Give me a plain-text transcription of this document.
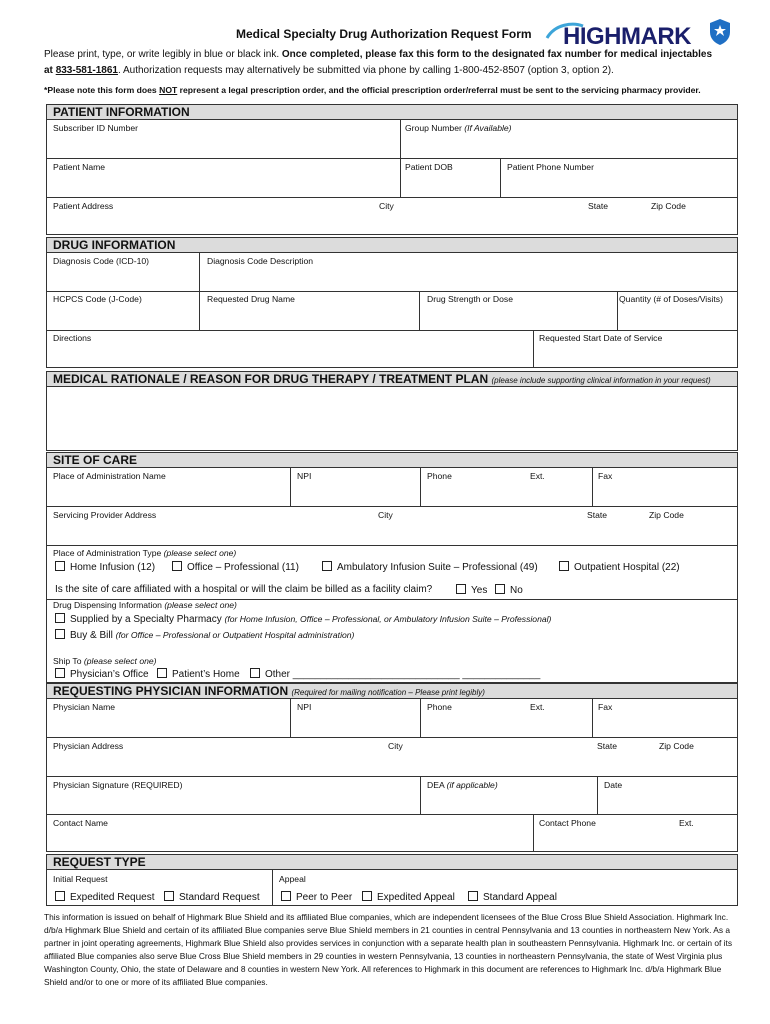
Medical Specialty Drug Authorization Request Form HIGHMARK
Please print, type, or write legibly in blue or black ink. Once completed, please fax this form to the designated fax number for medical injectables
at 833-581-1861. Authorization requests may alternatively be submitted via phone by calling 1-800-452-8507 (option 3, option 2).
*Please note this form does NOT represent a legal prescription order, and the official prescription order/referral must be sent to the servicing pharmacy provider.
PATIENT INFORMATION
Subscriber ID Number	Group Number (If Available)
Patient Name	Patient DOB	Patient Phone Number
Patient Address	City	State	Zip Code
DRUG INFORMATION
Diagnosis Code (ICD-10)	Diagnosis Code Description
HCPCS Code (J-Code)	Requested Drug Name	Drug Strength or Dose	Quantity (# of Doses/Visits)
Directions	Requested Start Date of Service
MEDICAL RATIONALE / REASON FOR DRUG THERAPY / TREATMENT PLAN (please include supporting clinical information in your request)
SITE OF CARE
Place of Administration Name	NPI	Phone	Ext.	Fax
Servicing Provider Address	City	State	Zip Code
Place of Administration Type (please select one)
Home Infusion (12)	Office – Professional (11)	Ambulatory Infusion Suite – Professional (49)	Outpatient Hospital (22)
Is the site of care affiliated with a hospital or will the claim be billed as a facility claim?	Yes	No
Drug Dispensing Information (please select one)
Supplied by a Specialty Pharmacy (for Home Infusion, Office – Professional, or Ambulatory Infusion Suite – Professional)
Buy & Bill (for Office – Professional or Outpatient Hospital administration)
Ship To (please select one)
Physician’s Office	Patient’s Home	Other ______________________________ ______________
REQUESTING PHYSICIAN INFORMATION (Required for mailing notification – Please print legibly)
Physician Name	NPI	Phone	Ext.	Fax
Physician Address	City	State	Zip Code
Physician Signature (REQUIRED)	DEA (if applicable)	Date
Contact Name	Contact Phone	Ext.
REQUEST TYPE
Initial Request	Appeal
Expedited Request	Standard Request	Peer to Peer	Expedited Appeal	Standard Appeal
This information is issued on behalf of Highmark Blue Shield and its affiliated Blue companies, which are independent licensees of the Blue Cross Blue Shield Association. Highmark Inc. d/b/a Highmark Blue Shield and certain of its affiliated Blue companies serve Blue Shield members in 21 counties in central Pennsylvania and 13 counties in northeastern New York. As a partner in joint operating agreements, Highmark Blue Shield also provides services in conjunction with a separate health plan in southeastern Pennsylvania. Highmark Inc. or certain of its affiliated Blue companies also serve Blue Cross Blue Shield members in 29 counties in western Pennsylvania, 13 counties in northeastern Pennsylvania, the state of West Virginia plus Washington County, Ohio, the state of Delaware and 8 counties in western New York. All references to Highmark in this document are references to Highmark Inc. d/b/a Highmark Blue Shield and/or to one or more of its affiliated Blue companies.
